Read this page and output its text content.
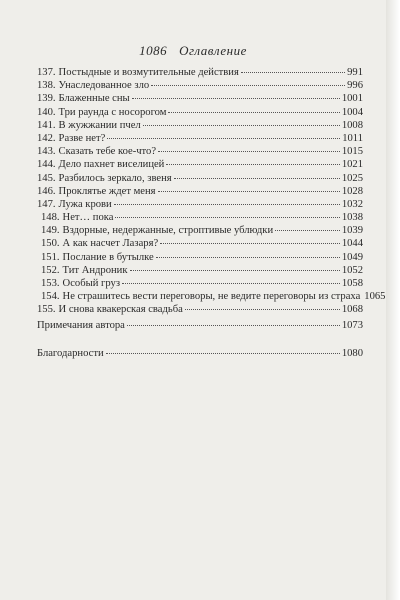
1086 Оглавление
137. Постыдные и возмутительные действия	991
138. Унаследованное зло	996
139. Блаженные сны	1001
140. Три раунда с носорогом	1004
141. В жужжании пчел	1008
142. Разве нет?	1011
143. Сказать тебе кое-что?	1015
144. Дело пахнет виселицей	1021
145. Разбилось зеркало, звеня	1025
146. Проклятье ждет меня	1028
147. Лужа крови	1032
148. Нет… пока	1038
149. Вздорные, недержанные, строптивые ублюдки	1039
150. А как насчет Лазаря?	1044
151. Послание в бутылке	1049
152. Тит Андроник	1052
153. Особый груз	1058
154. Не страшитесь вести переговоры, не ведите переговоры из страха 1065
155. И снова квакерская свадьба	1068
Примечания автора	1073
Благодарности	1080
